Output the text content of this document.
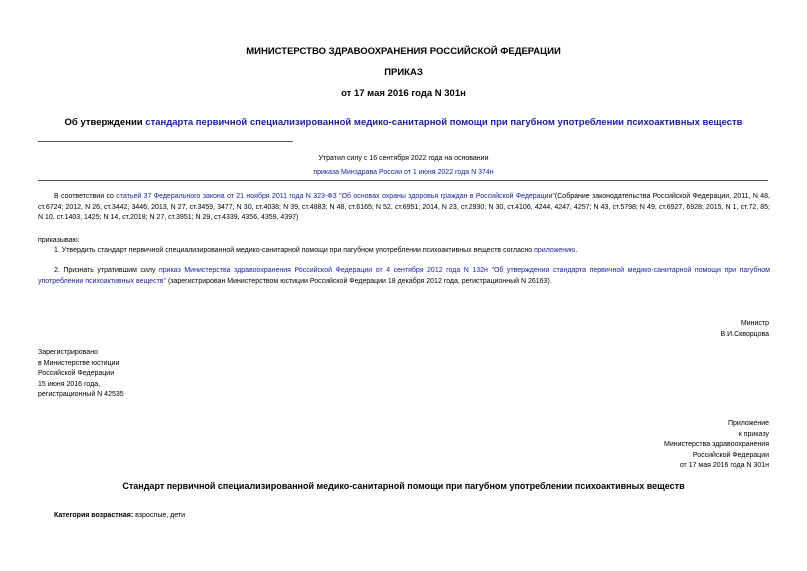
МИНИСТЕРСТВО ЗДРАВООХРАНЕНИЯ РОССИЙСКОЙ ФЕДЕРАЦИИ
ПРИКАЗ
от 17 мая 2016 года N 301н
Об утверждении стандарта первичной специализированной медико-санитарной помощи при пагубном употреблении психоактивных веществ
Утратил силу с 16 сентября 2022 года на основании
приказа Минздрава России от 1 июня 2022 года N 374н
В соответствии со статьей 37 Федерального закона от 21 ноября 2011 года N 323-ФЗ "Об основах охраны здоровья граждан в Российской Федерации"(Собрание законодательства Российской Федерации, 2011, N 48, ст.6724; 2012, N 26, ст.3442, 3446; 2013, N 27, ст.3459, 3477; N 30, ст.4038; N 39, ст.4883; N 48, ст.6165; N 52, ст.6951; 2014, N 23, ст.2930; N 30, ст.4106, 4244, 4247, 4257; N 43, ст.5798; N 49, ст.6927, 6928; 2015, N 1, ст.72, 85; N 10, ст.1403, 1425; N 14, ст.2018; N 27, ст.3951; N 29, ст.4339, 4356, 4359, 4397)
приказываю:
1. Утвердить стандарт первичной специализированной медико-санитарной помощи при пагубном употреблении психоактивных веществ согласно приложению.
2. Признать утратившим силу приказ Министерства здравоохранения Российской Федерации от 4 сентября 2012 года N 132н "Об утверждении стандарта первичной медико-санитарной помощи при пагубном употреблении психоактивных веществ" (зарегистрирован Министерством юстиции Российской Федерации 18 декабря 2012 года, регистрационный N 26163).
Министр
В.И.Скворцова
Зарегистрировано
в Министерстве юстиции
Российской Федерации
15 июня 2016 года,
регистрационный N 42535
Приложение
к приказу
Министерства здравоохранения
Российской Федерации
от 17 мая 2016 года N 301н
Стандарт первичной специализированной медико-санитарной помощи при пагубном употреблении психоактивных веществ
Категория возрастная: взрослые, дети
